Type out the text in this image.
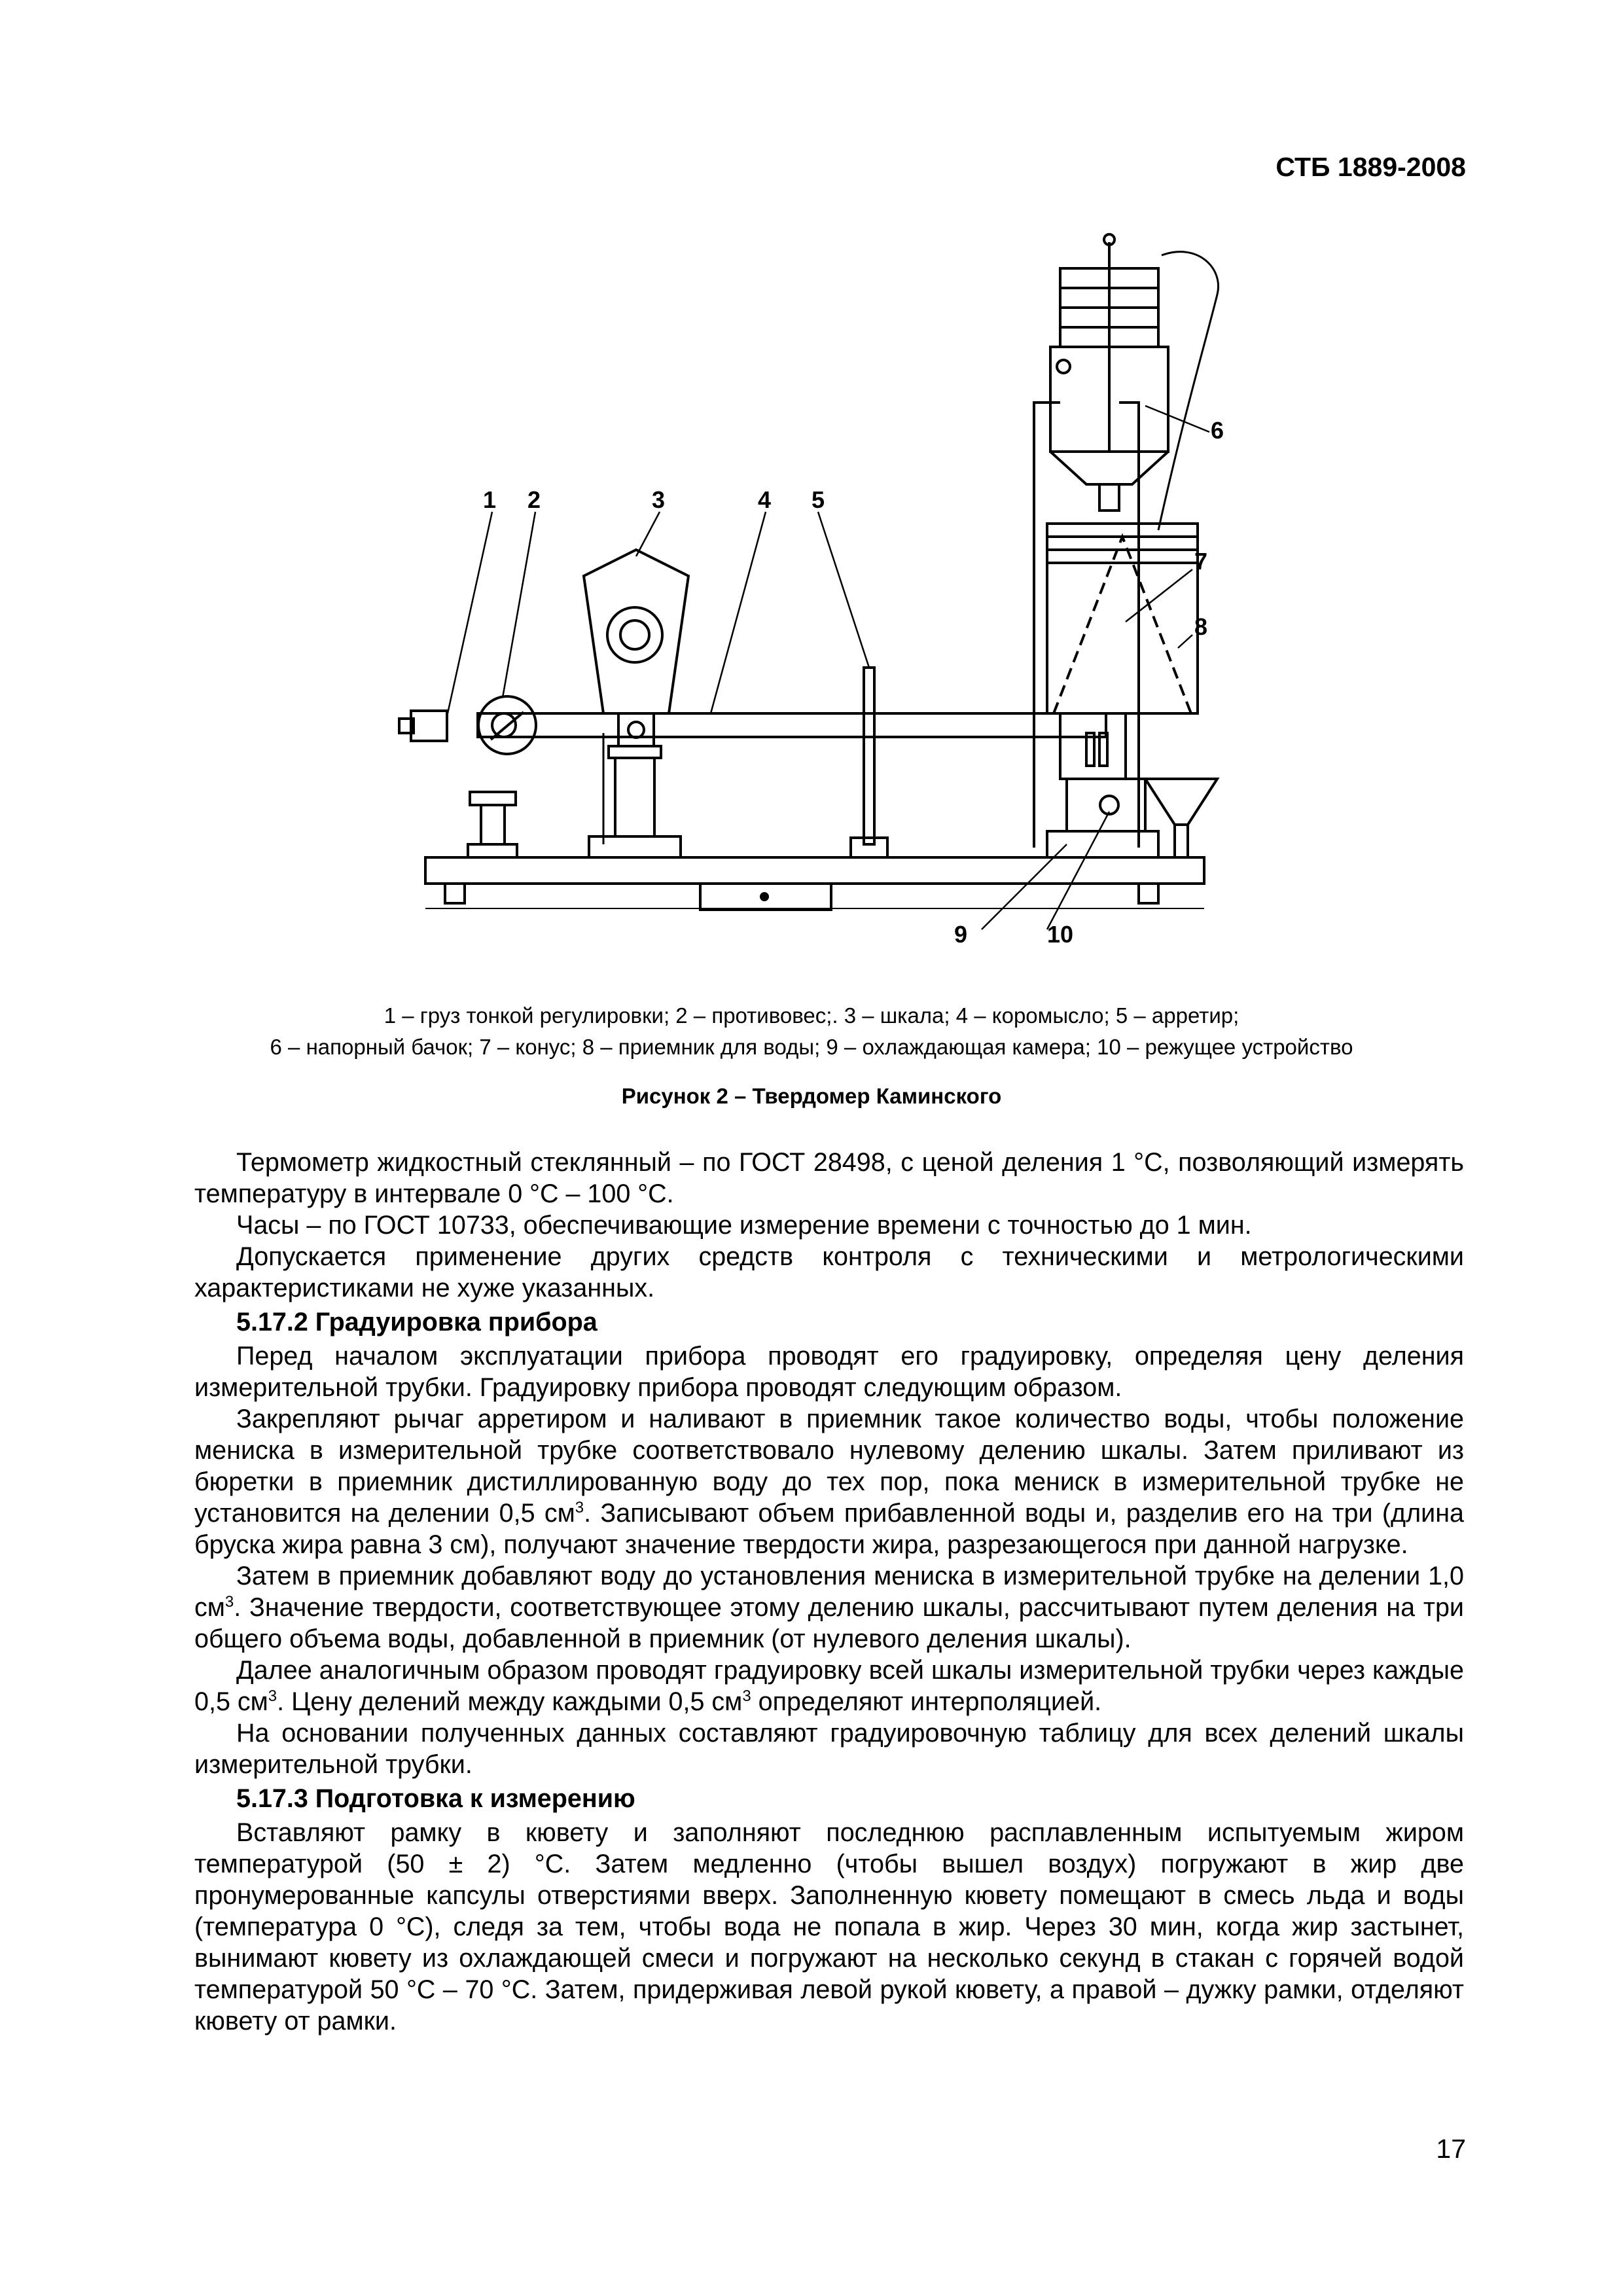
СТБ 1889-2008
1 2	3	4 5
6
7
8
9	10
1 – груз тонкой регулировки; 2 – противовес;. 3 – шкала; 4 – коромысло; 5 – арретир;
6 – напорный бачок; 7 – конус; 8 – приемник для воды; 9 – охлаждающая камера; 10 – режущее устройство
Рисунок 2 – Твердомер Каминского

Термометр жидкостный стеклянный – по ГОСТ 28498, с ценой деления 1 °С, позволяющий измерять температуру в интервале 0 °С – 100 °С.

Часы – по ГОСТ 10733, обеспечивающие измерение времени с точностью до 1 мин.

Допускается применение других средств контроля с техническими и метрологическими характеристиками не хуже указанных.

5.17.2 Градуировка прибора

Перед началом эксплуатации прибора проводят его градуировку, определяя цену деления измерительной трубки. Градуировку прибора проводят следующим образом.

Закрепляют рычаг арретиром и наливают в приемник такое количество воды, чтобы положение мениска в измерительной трубке соответствовало нулевому делению шкалы. Затем приливают из бюретки в приемник дистиллированную воду до тех пор, пока мениск в измерительной трубке не установится на делении 0,5 $см^3$. Записывают объем прибавленной воды и, разделив его на три (длина бруска жира равна 3 см), получают значение твердости жира, разрезающегося при данной нагрузке.

Затем в приемник добавляют воду до установления мениска в измерительной трубке на делении 1,0 $см^3$. Значение твердости, соответствующее этому делению шкалы, рассчитывают путем деления на три общего объема воды, добавленной в приемник (от нулевого деления шкалы).

Далее аналогичным образом проводят градуировку всей шкалы измерительной трубки через каждые 0,5 $см^3$. Цену делений между каждыми 0,5 $см^3$ определяют интерполяцией.

На основании полученных данных составляют градуировочную таблицу для всех делений шкалы измерительной трубки.

5.17.3 Подготовка к измерению

Вставляют рамку в кювету и заполняют последнюю расплавленным испытуемым жиром температурой (50 ± 2) °С. Затем медленно (чтобы вышел воздух) погружают в жир две пронумерованные капсулы отверстиями вверх. Заполненную кювету помещают в смесь льда и воды (температура 0 °С), следя за тем, чтобы вода не попала в жир. Через 30 мин, когда жир застынет, вынимают кювету из охлаждающей смеси и погружают на несколько секунд в стакан с горячей водой температурой 50 °С – 70 °С. Затем, придерживая левой рукой кювету, а правой – дужку рамки, отделяют кювету от рамки.

17
